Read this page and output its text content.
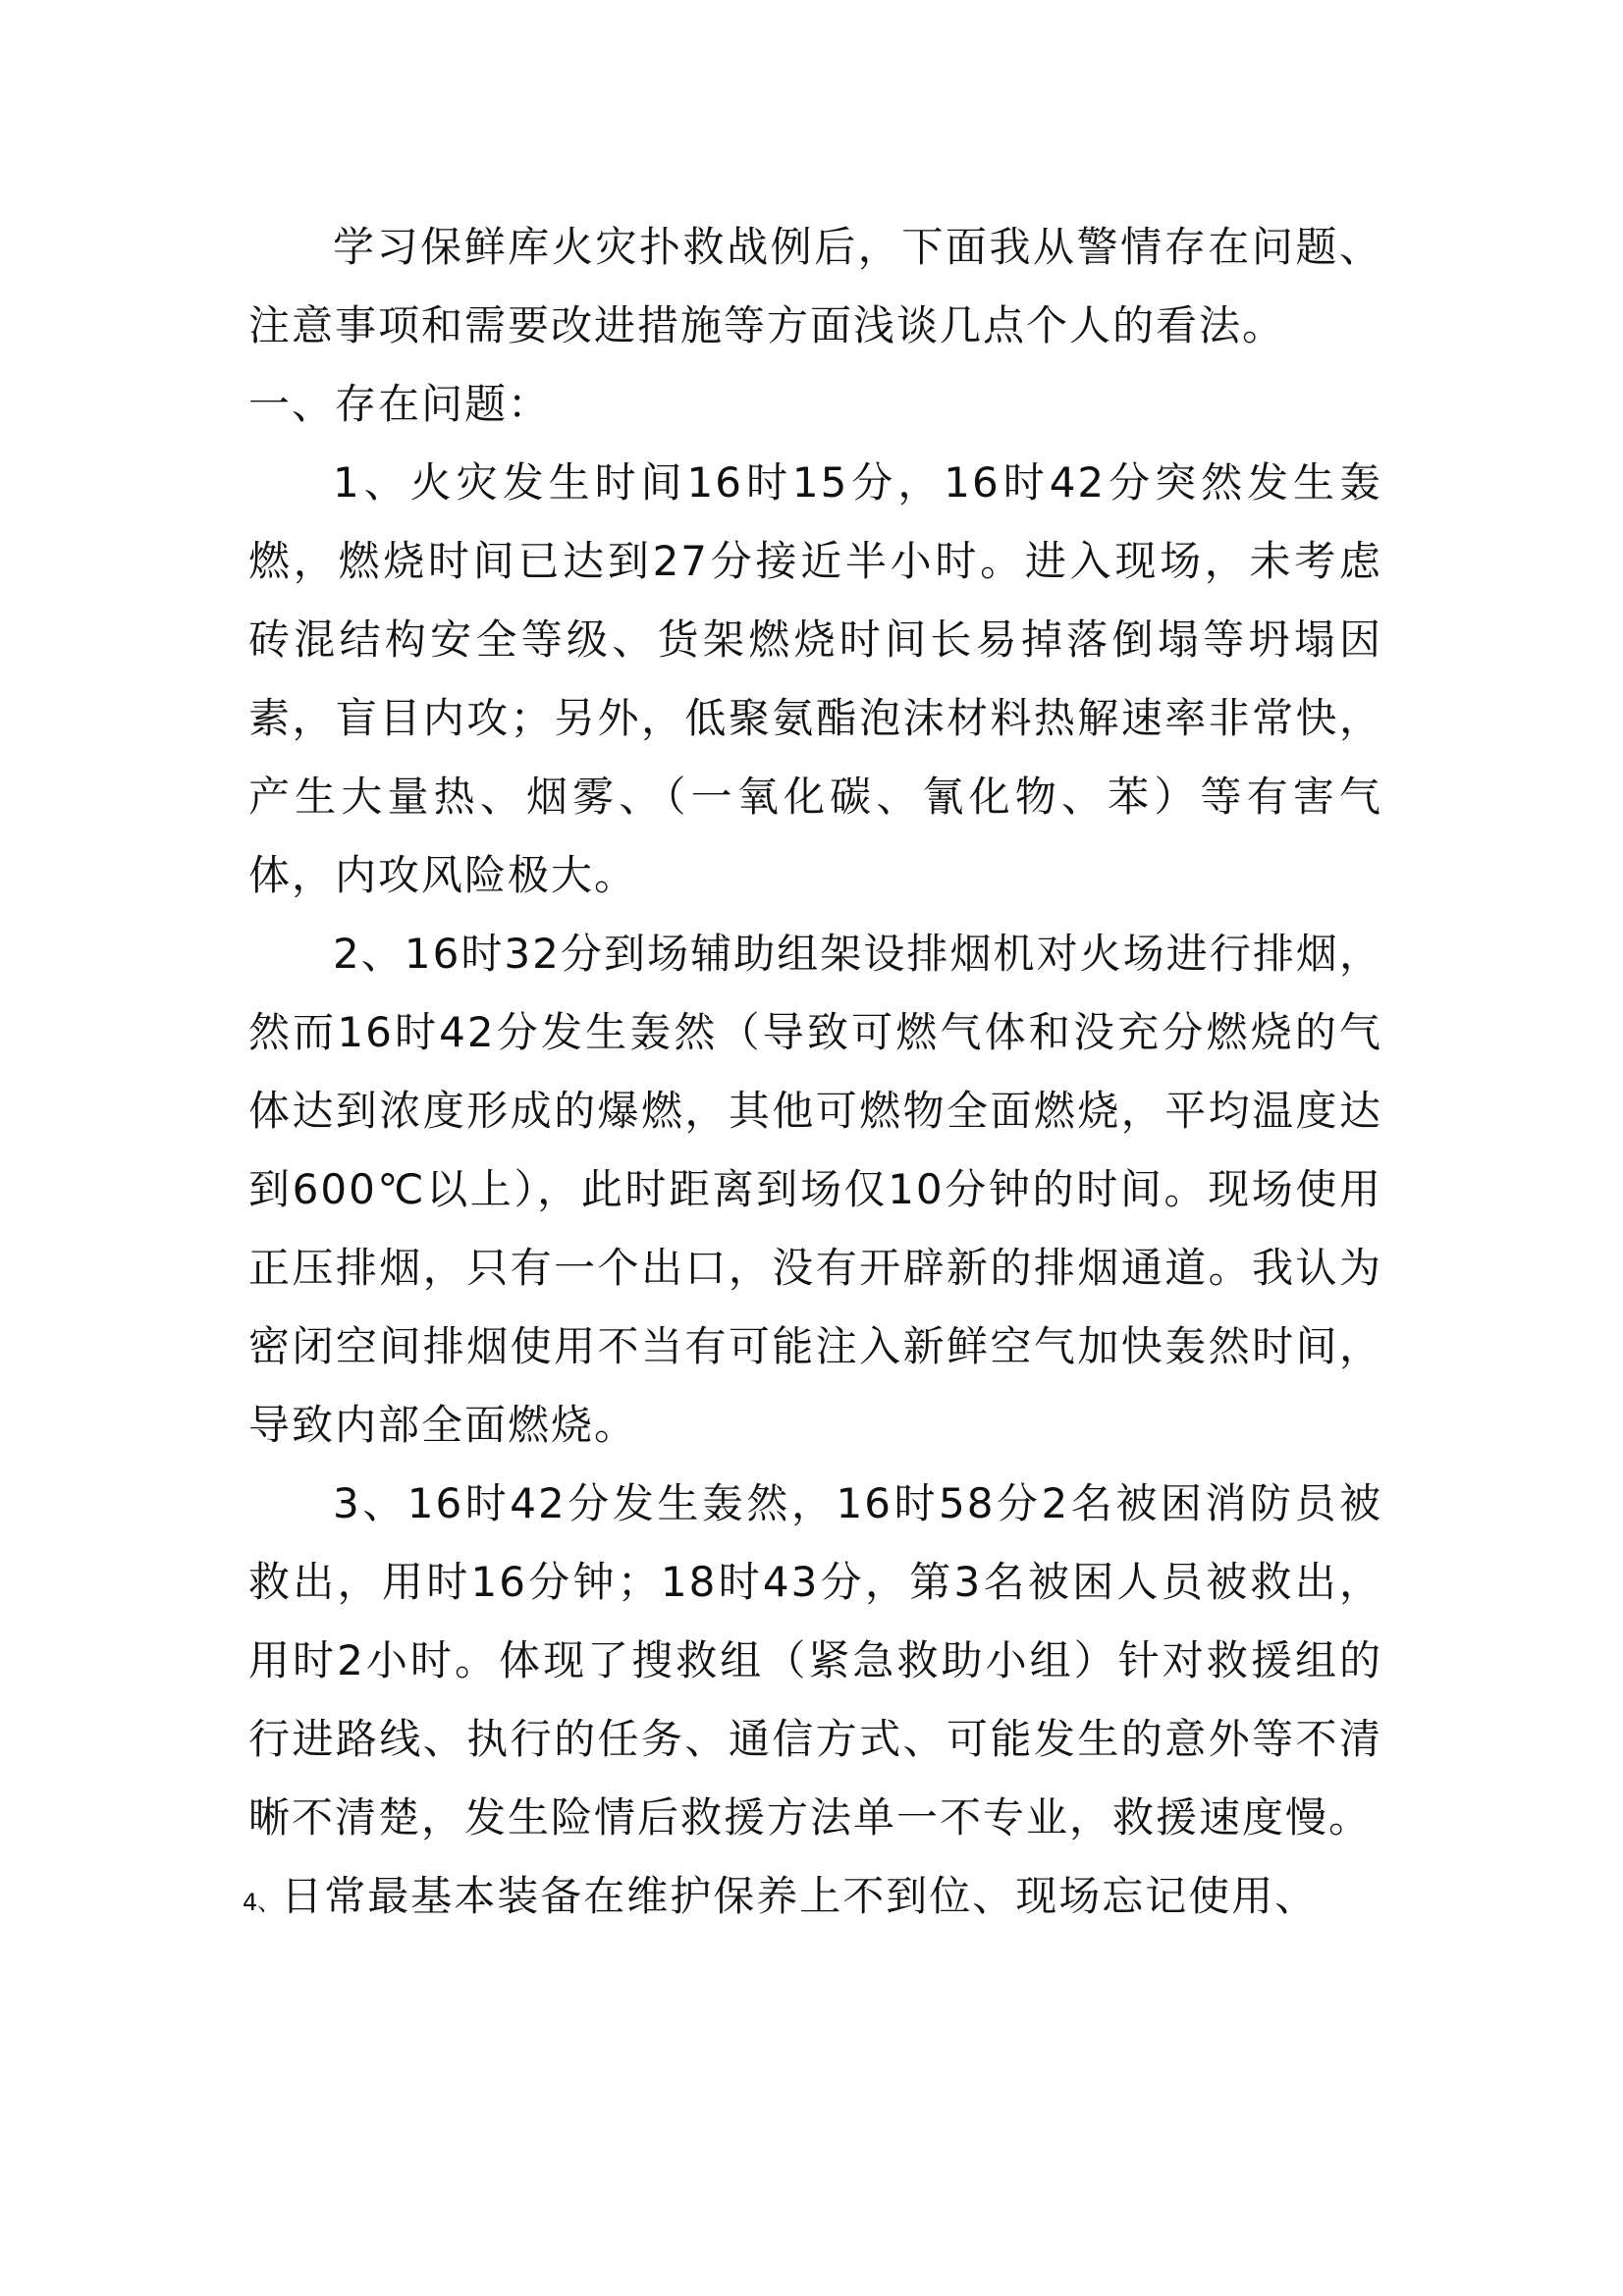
学习保鲜库火灾扑救战例后，下面我从警情存在问题、注意事项和需要改进措施等方面浅谈几点个人的看法。

一、存在问题：

1、火灾发生时间16时15分，16时42分突然发生轰燃，燃烧时间已达到27分接近半小时。进入现场，未考虑砖混结构安全等级、货架燃烧时间长易掉落倒塌等坍塌因素，盲目内攻；另外，低聚氨酯泡沫材料热解速率非常快，产生大量热、烟雾、（一氧化碳、氰化物、苯）等有害气体，内攻风险极大。

2、16时32分到场辅助组架设排烟机对火场进行排烟，然而16时42分发生轰然（导致可燃气体和没充分燃烧的气体达到浓度形成的爆燃，其他可燃物全面燃烧，平均温度达到600℃以上），此时距离到场仅10分钟的时间。现场使用正压排烟，只有一个出口，没有开辟新的排烟通道。我认为密闭空间排烟使用不当有可能注入新鲜空气加快轰然时间，导致内部全面燃烧。

3、16时42分发生轰然，16时58分2名被困消防员被救出，用时16分钟；18时43分，第3名被困人员被救出，用时2小时。体现了搜救组（紧急救助小组）针对救援组的行进路线、执行的任务、通信方式、可能发生的意外等不清晰不清楚，发生险情后救援方法单一不专业，救援速度慢。

4、日常最基本装备在维护保养上不到位、现场忘记使用、
